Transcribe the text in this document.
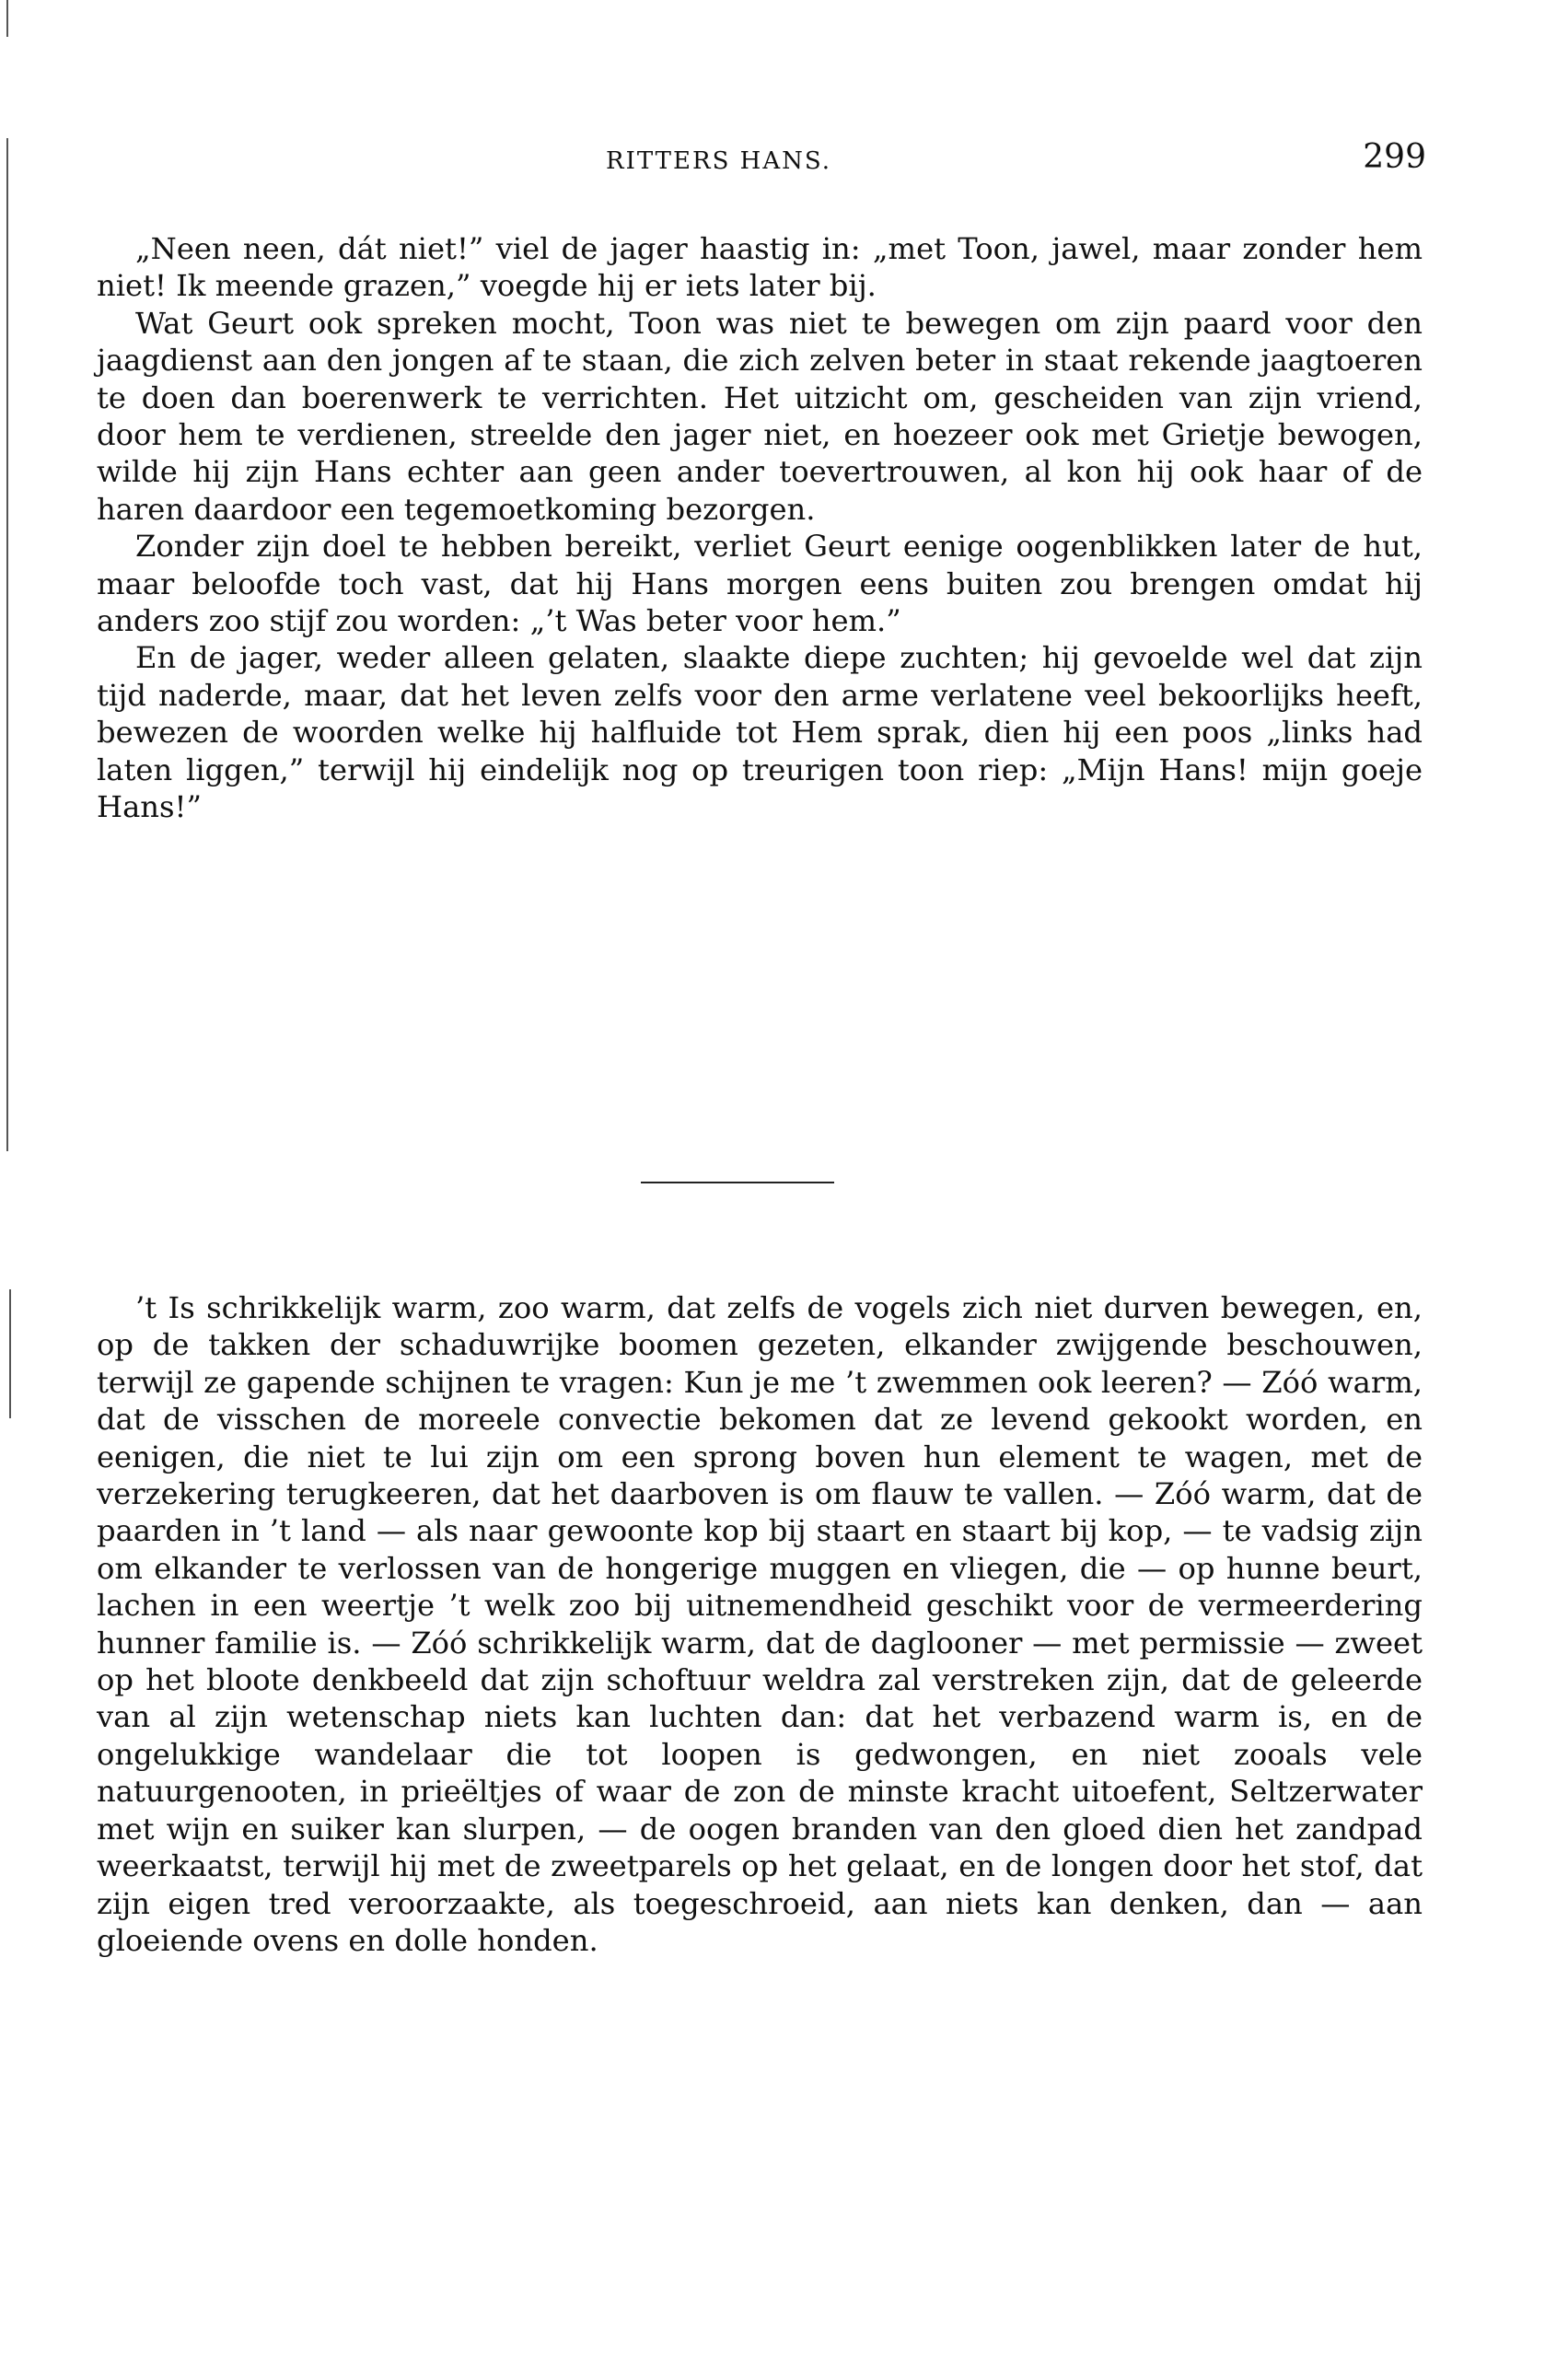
RITTERS HANS.	299

„Neen neen, dát niet!” viel de jager haastig in: „met Toon, jawel, maar zonder hem niet! Ik meende grazen,” voegde hij er iets later bij.

Wat Geurt ook spreken mocht, Toon was niet te bewegen om zijn paard voor den jaagdienst aan den jongen af te staan, die zich zelven beter in staat rekende jaagtoeren te doen dan boerenwerk te verrichten. Het uitzicht om, gescheiden van zijn vriend, door hem te verdienen, streelde den jager niet, en hoezeer ook met Grietje bewogen, wilde hij zijn Hans echter aan geen ander toevertrouwen, al kon hij ook haar of de haren daardoor een tegemoetkoming bezorgen.

Zonder zijn doel te hebben bereikt, verliet Geurt eenige oogenblikken later de hut, maar beloofde toch vast, dat hij Hans morgen eens buiten zou brengen omdat hij anders zoo stijf zou worden: „’t Was beter voor hem.”

En de jager, weder alleen gelaten, slaakte diepe zuchten; hij gevoelde wel dat zijn tijd naderde, maar, dat het leven zelfs voor den arme verlatene veel bekoorlijks heeft, bewezen de woorden welke hij halfluide tot Hem sprak, dien hij een poos „links had laten liggen,” terwijl hij eindelijk nog op treurigen toon riep: „Mijn Hans! mijn goeje Hans!”

’t Is schrikkelijk warm, zoo warm, dat zelfs de vogels zich niet durven bewegen, en, op de takken der schaduwrijke boomen gezeten, elkander zwijgende beschouwen, terwijl ze gapende schijnen te vragen: Kun je me ’t zwemmen ook leeren? — Zóó warm, dat de visschen de moreele convectie bekomen dat ze levend gekookt worden, en eenigen, die niet te lui zijn om een sprong boven hun element te wagen, met de verzekering terugkeeren, dat het daarboven is om flauw te vallen. — Zóó warm, dat de paarden in ’t land — als naar gewoonte kop bij staart en staart bij kop, — te vadsig zijn om elkander te verlossen van de hongerige muggen en vliegen, die — op hunne beurt, lachen in een weertje ’t welk zoo bij uitnemendheid geschikt voor de vermeerdering hunner familie is. — Zóó schrikkelijk warm, dat de daglooner — met permissie — zweet op het bloote denkbeeld dat zijn schoftuur weldra zal verstreken zijn, dat de geleerde van al zijn wetenschap niets kan luchten dan: dat het verbazend warm is, en de ongelukkige wandelaar die tot loopen is gedwongen, en niet zooals vele natuurgenooten, in prieëltjes of waar de zon de minste kracht uitoefent, Seltzerwater met wijn en suiker kan slurpen, — de oogen branden van den gloed dien het zandpad weerkaatst, terwijl hij met de zweetparels op het gelaat, en de longen door het stof, dat zijn eigen tred veroorzaakte, als toegeschroeid, aan niets kan denken, dan — aan gloeiende ovens en dolle honden.
